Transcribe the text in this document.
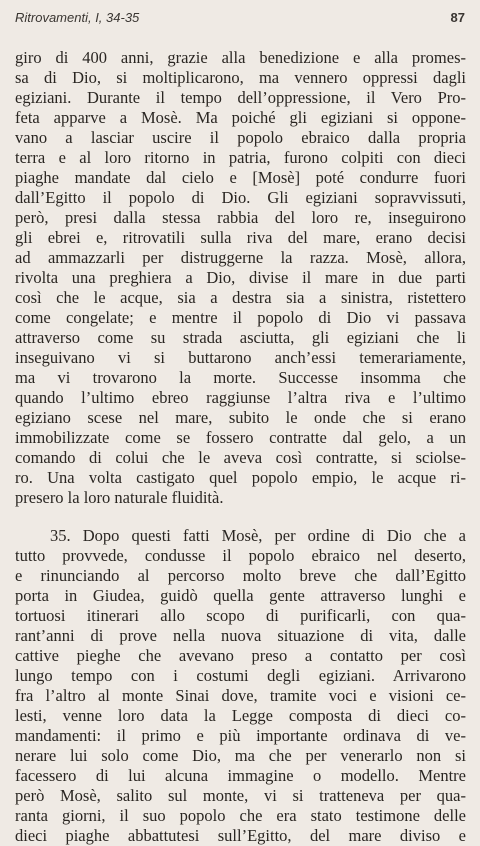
Ritrovamenti, I, 34-35	87
giro di 400 anni, grazie alla benedizione e alla promes-
sa di Dio, si moltiplicarono, ma vennero oppressi dagli
egiziani. Durante il tempo dell’oppressione, il Vero Pro-
feta apparve a Mosè. Ma poiché gli egiziani si oppone-
vano a lasciar uscire il popolo ebraico dalla propria
terra e al loro ritorno in patria, furono colpiti con dieci
piaghe mandate dal cielo e [Mosè] poté condurre fuori
dall’Egitto il popolo di Dio. Gli egiziani sopravvissuti,
però, presi dalla stessa rabbia del loro re, inseguirono
gli ebrei e, ritrovatili sulla riva del mare, erano decisi
ad ammazzarli per distruggerne la razza. Mosè, allora,
rivolta una preghiera a Dio, divise il mare in due parti
così che le acque, sia a destra sia a sinistra, ristettero
come congelate; e mentre il popolo di Dio vi passava
attraverso come su strada asciutta, gli egiziani che li
inseguivano vi si buttarono anch’essi temerariamente,
ma vi trovarono la morte. Successe insomma che
quando l’ultimo ebreo raggiunse l’altra riva e l’ultimo
egiziano scese nel mare, subito le onde che si erano
immobilizzate come se fossero contratte dal gelo, a un
comando di colui che le aveva così contratte, si sciolse-
ro. Una volta castigato quel popolo empio, le acque ri-
presero la loro naturale fluidità.
35. Dopo questi fatti Mosè, per ordine di Dio che a
tutto provvede, condusse il popolo ebraico nel deserto,
e rinunciando al percorso molto breve che dall’Egitto
porta in Giudea, guidò quella gente attraverso lunghi e
tortuosi itinerari allo scopo di purificarli, con qua-
rant’anni di prove nella nuova situazione di vita, dalle
cattive pieghe che avevano preso a contatto per così
lungo tempo con i costumi degli egiziani. Arrivarono
fra l’altro al monte Sinai dove, tramite voci e visioni ce-
lesti, venne loro data la Legge composta di dieci co-
mandamenti: il primo e più importante ordinava di ve-
nerare lui solo come Dio, ma che per venerarlo non si
facessero di lui alcuna immagine o modello. Mentre
però Mosè, salito sul monte, vi si tratteneva per qua-
ranta giorni, il suo popolo che era stato testimone delle
dieci piaghe abbattutesi sull’Egitto, del mare diviso e
